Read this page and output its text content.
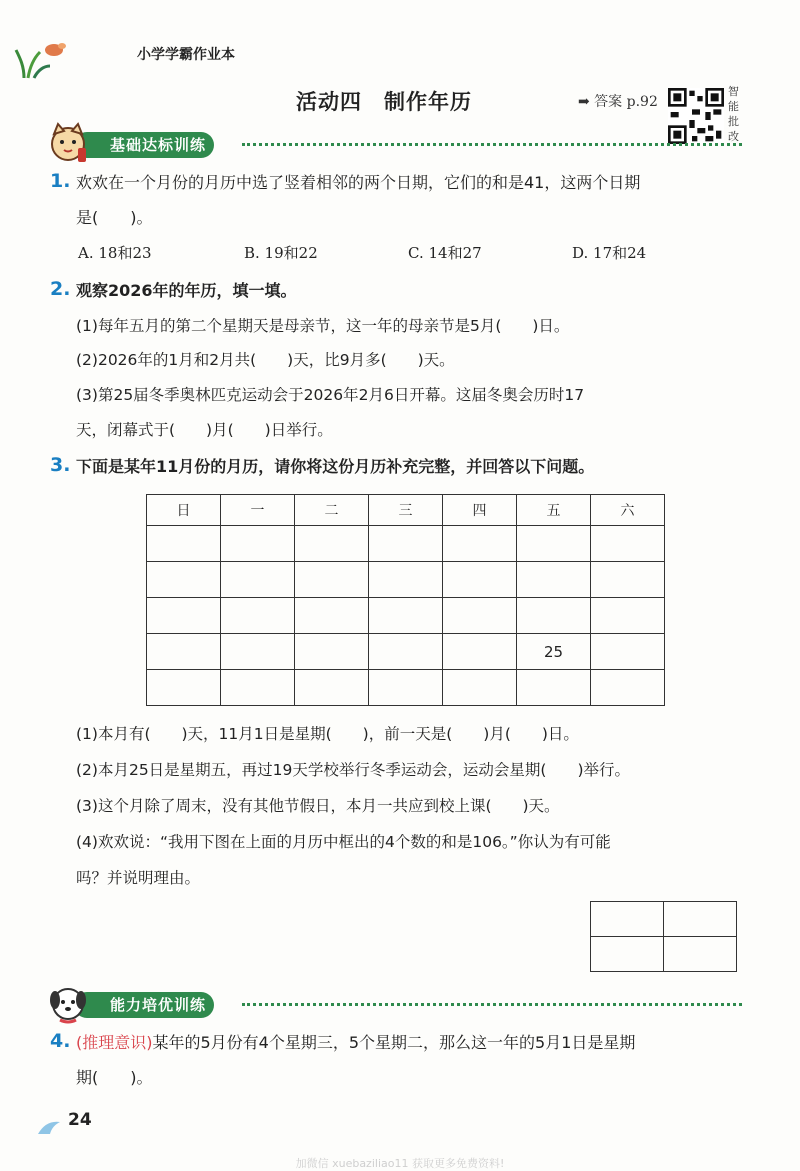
小学学霸作业本
活动四　制作年历	➡ 答案 p.92
智
能
批
改
基础达标训练
1. 欢欢在一个月份的月历中选了竖着相邻的两个日期，它们的和是41，这两个日期
是(　　)。
A. 18和23	B. 19和22	C. 14和27	D. 17和24
2. 观察2026年的年历，填一填。
(1)每年五月的第二个星期天是母亲节，这一年的母亲节是5月(　　)日。
(2)2026年的1月和2月共(　　)天，比9月多(　　)天。
(3)第25届冬季奥林匹克运动会于2026年2月6日开幕。这届冬奥会历时17
天，闭幕式于(　　)月(　　)日举行。
3. 下面是某年11月份的月历，请你将这份月历补充完整，并回答以下问题。
日	一	二	三	四	五	六

					25	

(1)本月有(　　)天，11月1日是星期(　　)，前一天是(　　)月(　　)日。
(2)本月25日是星期五，再过19天学校举行冬季运动会，运动会星期(　　)举行。
(3)这个月除了周末，没有其他节假日，本月一共应到校上课(　　)天。
(4)欢欢说：“我用下图在上面的月历中框出的4个数的和是106。”你认为有可能
吗？并说明理由。

能力培优训练
4. (推理意识)某年的5月份有4个星期三，5个星期二，那么这一年的5月1日是星期
期(　　)。
24
加微信 xuebaziliao11 获取更多免费资料!
